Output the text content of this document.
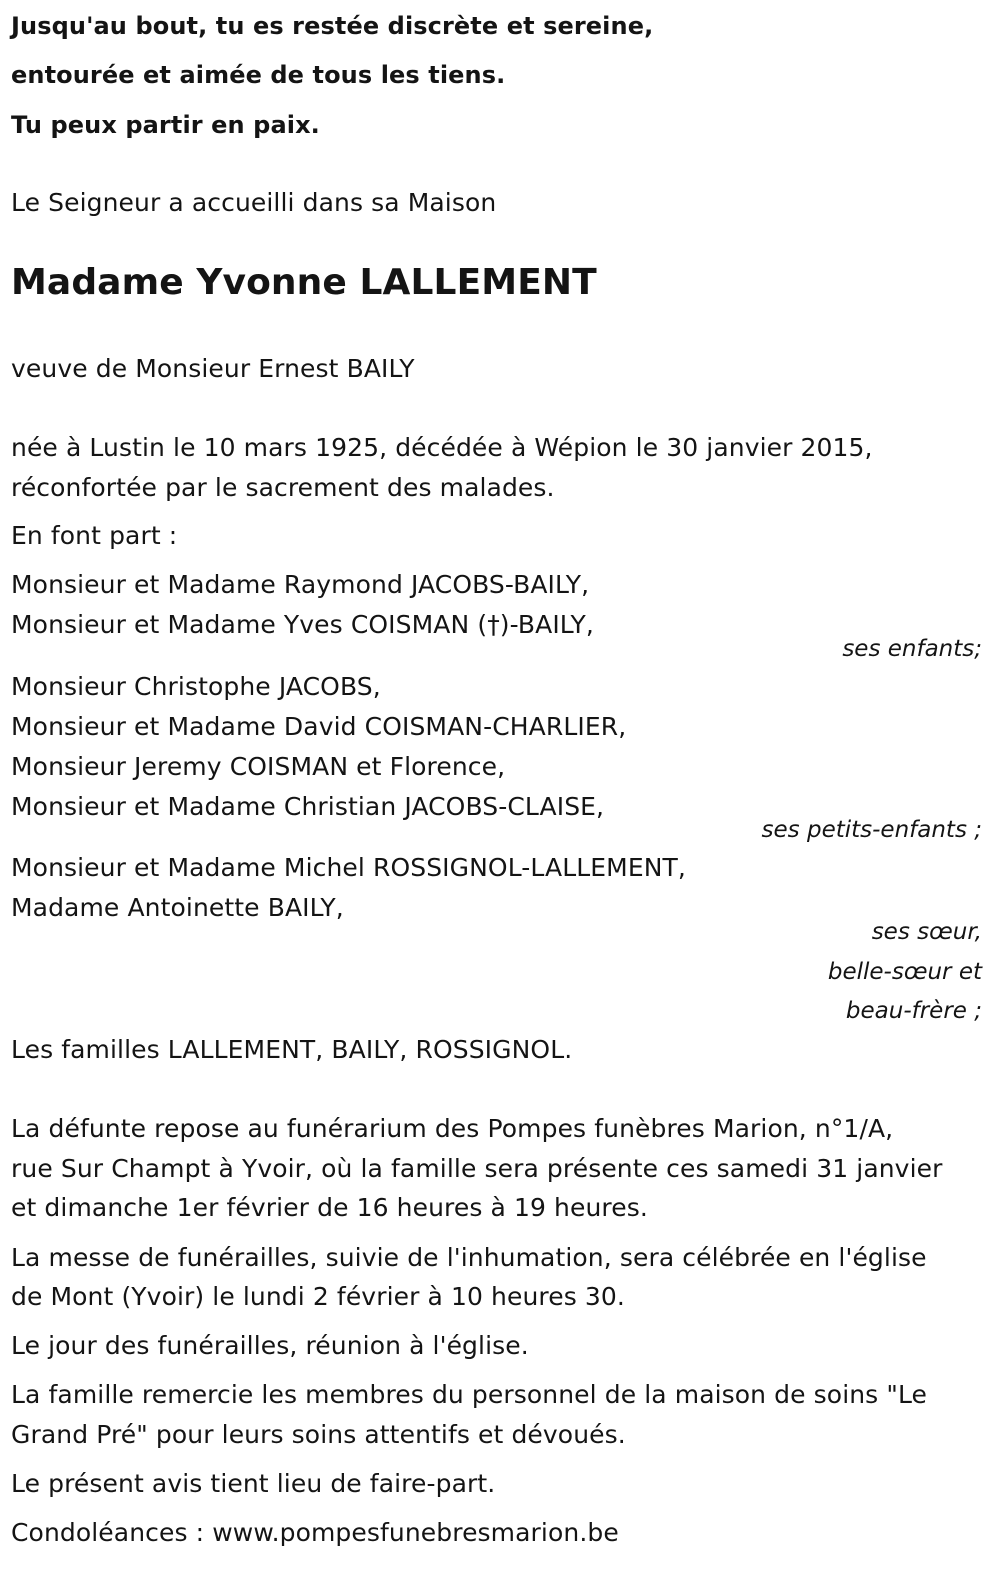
Jusqu'au bout, tu es restée discrète et sereine,
entourée et aimée de tous les tiens.
Tu peux partir en paix.
Le Seigneur a accueilli dans sa Maison
Madame Yvonne LALLEMENT
veuve de Monsieur Ernest BAILY
née à Lustin le 10 mars 1925, décédée à Wépion le 30 janvier 2015,
réconfortée par le sacrement des malades.
En font part :
Monsieur et Madame Raymond JACOBS-BAILY,
Monsieur et Madame Yves COISMAN (†)-BAILY,
ses enfants;
Monsieur Christophe JACOBS,
Monsieur et Madame David COISMAN-CHARLIER,
Monsieur Jeremy COISMAN et Florence,
Monsieur et Madame Christian JACOBS-CLAISE,
ses petits-enfants ;
Monsieur et Madame Michel ROSSIGNOL-LALLEMENT,
Madame Antoinette BAILY,
ses sœur,
belle-sœur et
beau-frère ;
Les familles LALLEMENT, BAILY, ROSSIGNOL.
La défunte repose au funérarium des Pompes funèbres Marion, n°1/A,
rue Sur Champt à Yvoir, où la famille sera présente ces samedi 31 janvier
et dimanche 1er février de 16 heures à 19 heures.
La messe de funérailles, suivie de l'inhumation, sera célébrée en l'église
de Mont (Yvoir) le lundi 2 février à 10 heures 30.
Le jour des funérailles, réunion à l'église.
La famille remercie les membres du personnel de la maison de soins "Le
Grand Pré" pour leurs soins attentifs et dévoués.
Le présent avis tient lieu de faire-part.
Condoléances : www.pompesfunebresmarion.be
